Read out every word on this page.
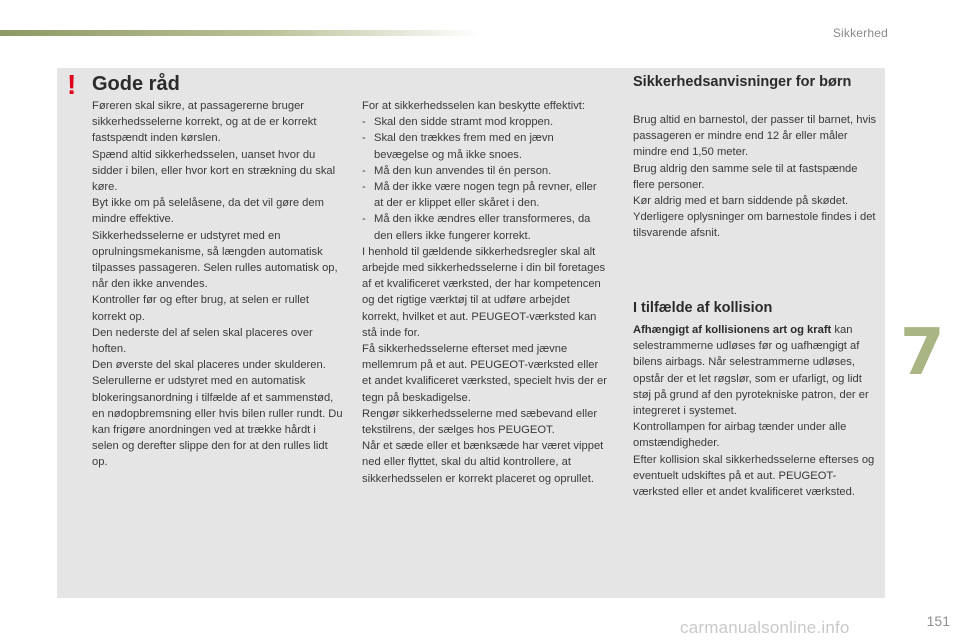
Sikkerhed
! Gode råd

Føreren skal sikre, at passagererne bruger sikkerhedsselerne korrekt, og at de er korrekt fastspændt inden kørslen.

Spænd altid sikkerhedsselen, uanset hvor du sidder i bilen, eller hvor kort en strækning du skal køre.

Byt ikke om på selelåsene, da det vil gøre dem mindre effektive.

Sikkerhedsselerne er udstyret med en oprulningsmekanisme, så længden automatisk tilpasses passageren. Selen rulles automatisk op, når den ikke anvendes.

Kontroller før og efter brug, at selen er rullet korrekt op.

Den nederste del af selen skal placeres over hoften.

Den øverste del skal placeres under skulderen.

Selerullerne er udstyret med en automatisk blokeringsanordning i tilfælde af et sammenstød, en nødopbremsning eller hvis bilen ruller rundt. Du kan frigøre anordningen ved at trække hårdt i selen og derefter slippe den for at den rulles lidt op.

For at sikkerhedsselen kan beskytte effektivt:

- Skal den sidde stramt mod kroppen.
- Skal den trækkes frem med en jævn bevægelse og må ikke snoes.
- Må den kun anvendes til én person.
- Må der ikke være nogen tegn på revner, eller at der er klippet eller skåret i den.
- Må den ikke ændres eller transformeres, da den ellers ikke fungerer korrekt.

I henhold til gældende sikkerhedsregler skal alt arbejde med sikkerhedsselerne i din bil foretages af et kvalificeret værksted, der har kompetencen og det rigtige værktøj til at udføre arbejdet korrekt, hvilket et aut. PEUGEOT-værksted kan stå inde for.

Få sikkerhedsselerne efterset med jævne mellemrum på et aut. PEUGEOT-værksted eller et andet kvalificeret værksted, specielt hvis der er tegn på beskadigelse.

Rengør sikkerhedsselerne med sæbevand eller tekstilrens, der sælges hos PEUGEOT.

Når et sæde eller et bænksæde har været vippet ned eller flyttet, skal du altid kontrollere, at sikkerhedsselen er korrekt placeret og oprullet.

Sikkerhedsanvisninger for børn

Brug altid en barnestol, der passer til barnet, hvis passageren er mindre end 12 år eller måler mindre end 1,50 meter.

Brug aldrig den samme sele til at fastspænde flere personer.

Kør aldrig med et barn siddende på skødet.

Yderligere oplysninger om barnestole findes i det tilsvarende afsnit.

I tilfælde af kollision

Afhængigt af kollisionens art og kraft kan selestrammerne udløses før og uafhængigt af bilens airbags. Når selestrammerne udløses, opstår der et let røgslør, som er ufarligt, og lidt støj på grund af den pyrotekniske patron, der er integreret i systemet.

Kontrollampen for airbag tænder under alle omstændigheder.

Efter kollision skal sikkerhedsselerne efterses og eventuelt udskiftes på et aut. PEUGEOT-værksted eller et andet kvalificeret værksted.

7
carmanualsonline.info	151
